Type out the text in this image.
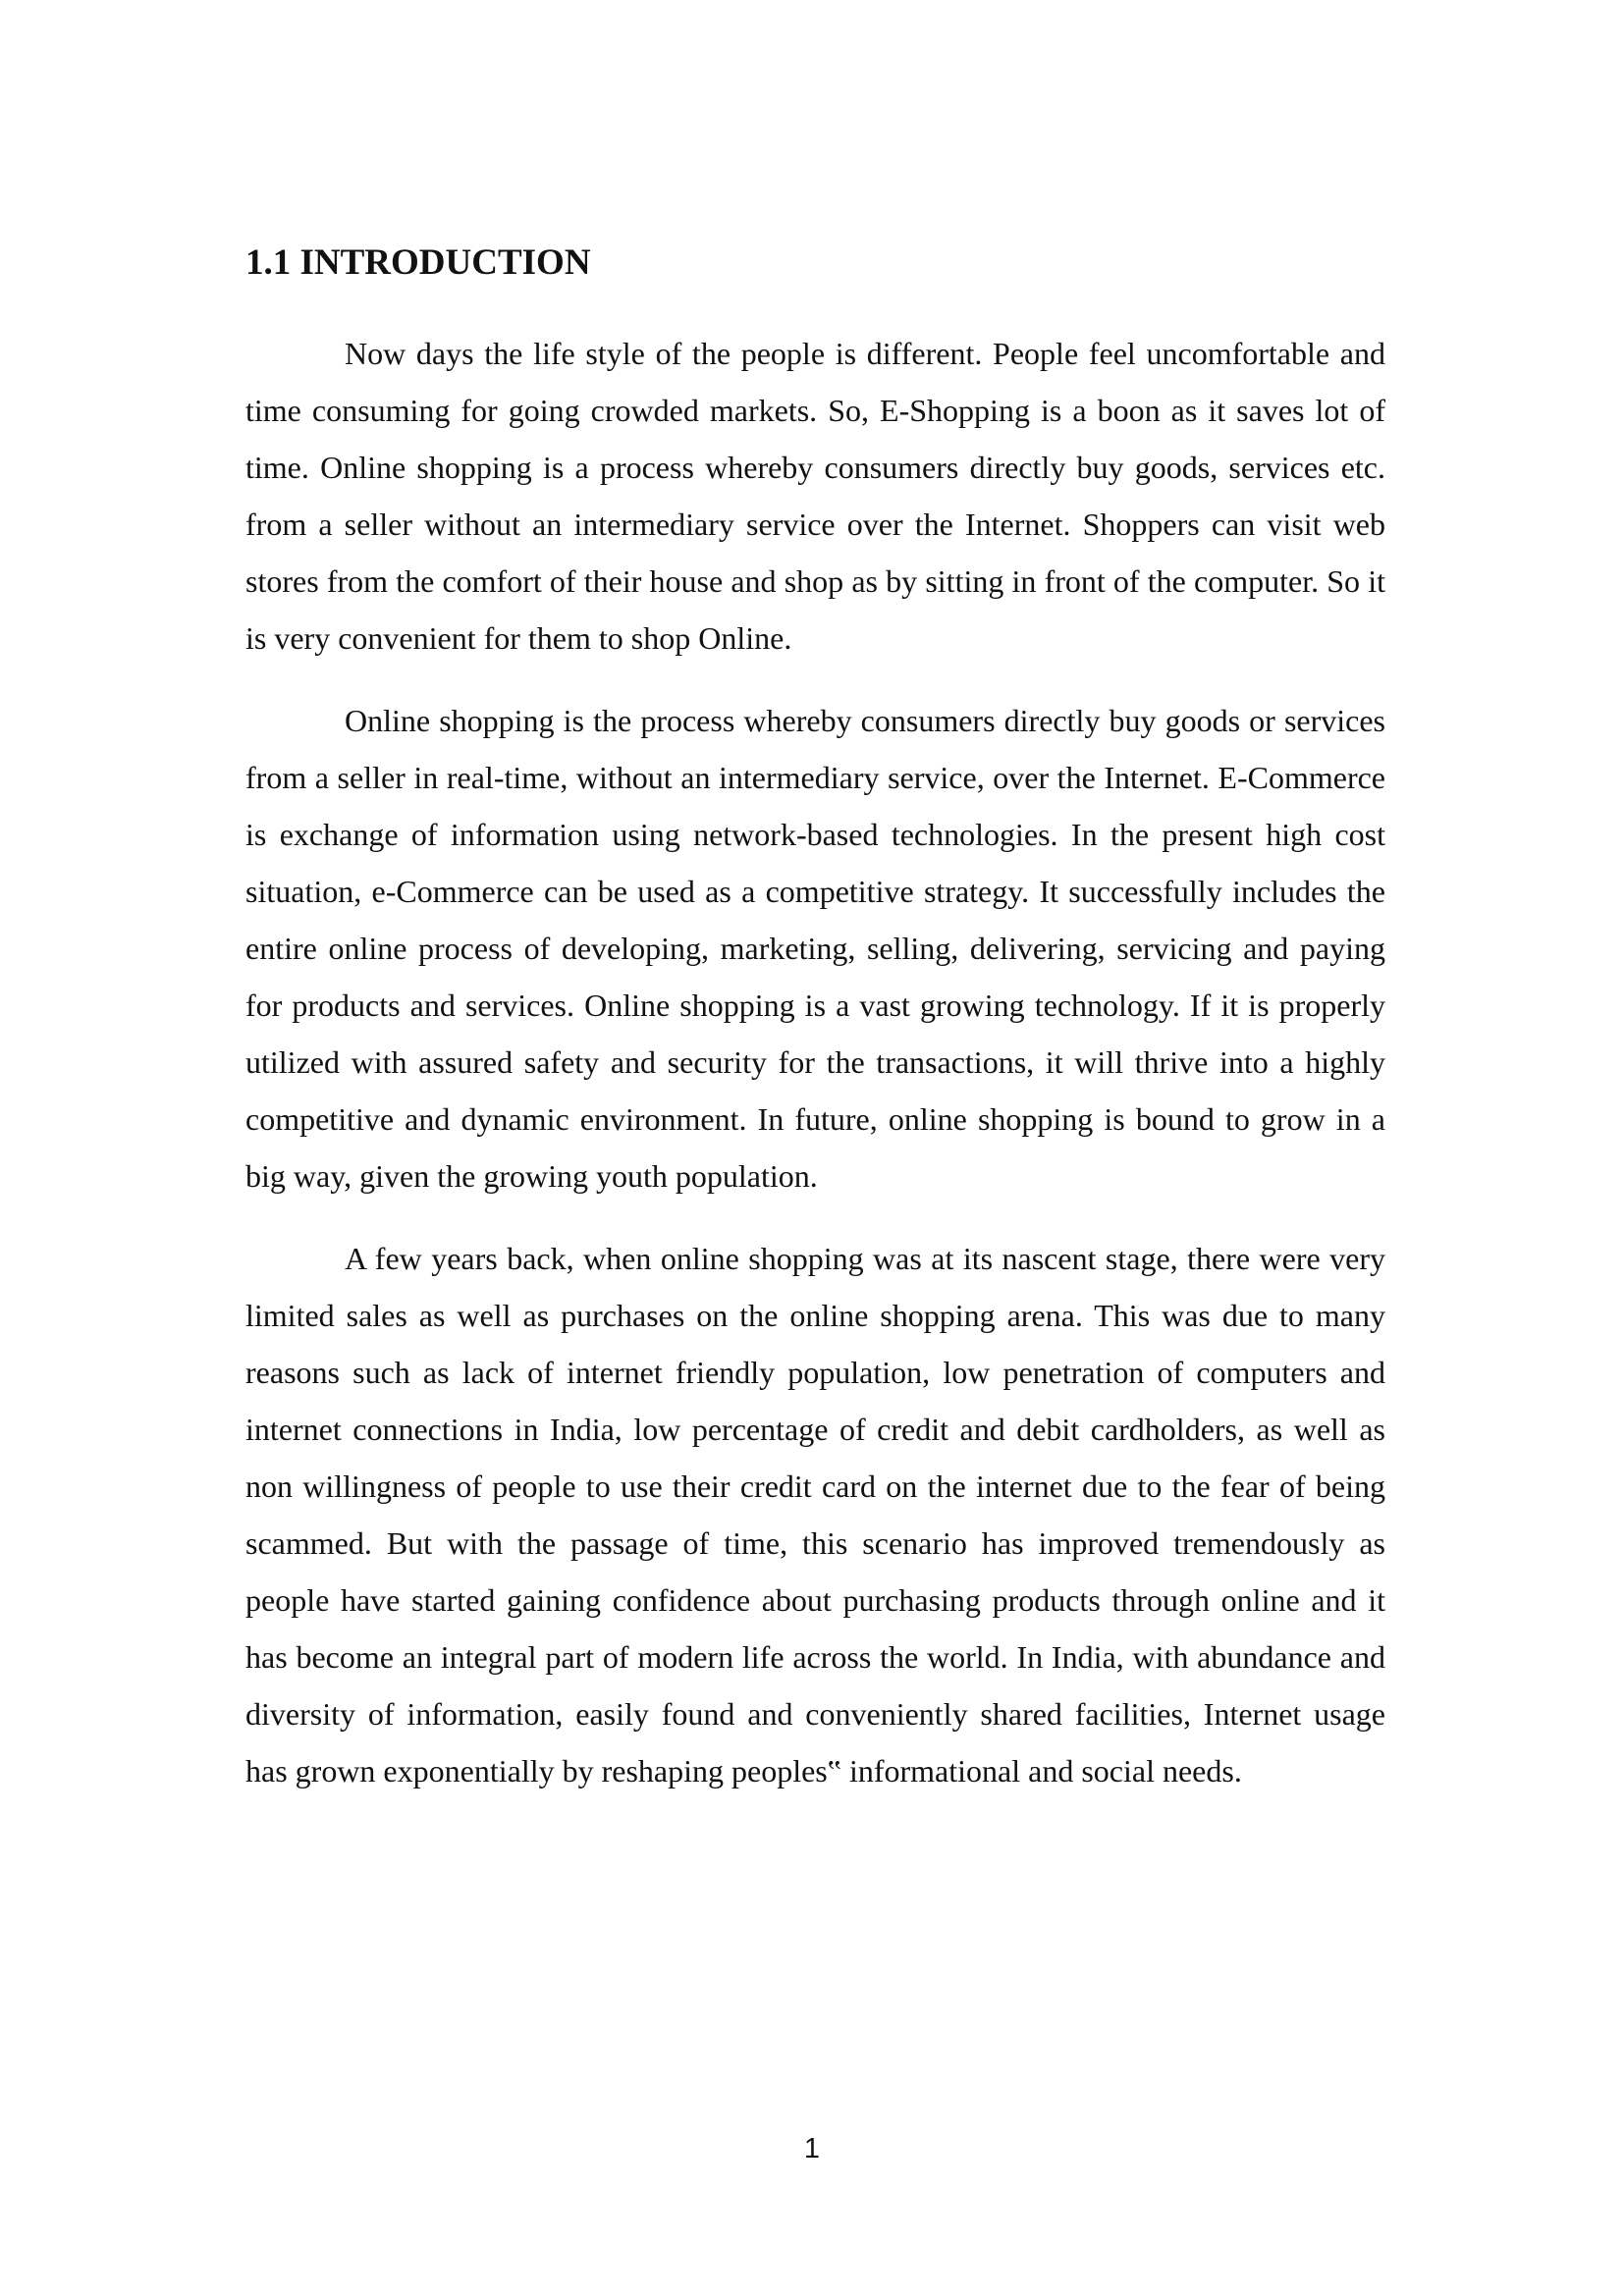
1.1 INTRODUCTION

Now days the life style of the people is different. People feel uncomfortable and time consuming for going crowded markets. So, E-Shopping is a boon as it saves lot of time. Online shopping is a process whereby consumers directly buy goods, services etc. from a seller without an intermediary service over the Internet. Shoppers can visit web stores from the comfort of their house and shop as by sitting in front of the computer. So it is very convenient for them to shop Online.

Online shopping is the process whereby consumers directly buy goods or services from a seller in real-time, without an intermediary service, over the Internet. E-Commerce is exchange of information using network-based technologies. In the present high cost situation, e-Commerce can be used as a competitive strategy. It successfully includes the entire online process of developing, marketing, selling, delivering, servicing and paying for products and services. Online shopping is a vast growing technology. If it is properly utilized with assured safety and security for the transactions, it will thrive into a highly competitive and dynamic environment. In future, online shopping is bound to grow in a big way, given the growing youth population.

A few years back, when online shopping was at its nascent stage, there were very limited sales as well as purchases on the online shopping arena. This was due to many reasons such as lack of internet friendly population, low penetration of computers and internet connections in India, low percentage of credit and debit cardholders, as well as non willingness of people to use their credit card on the internet due to the fear of being scammed. But with the passage of time, this scenario has improved tremendously as people have started gaining confidence about purchasing products through online and it has become an integral part of modern life across the world. In India, with abundance and diversity of information, easily found and conveniently shared facilities, Internet usage has grown exponentially by reshaping peoples‟ informational and social needs.

1
